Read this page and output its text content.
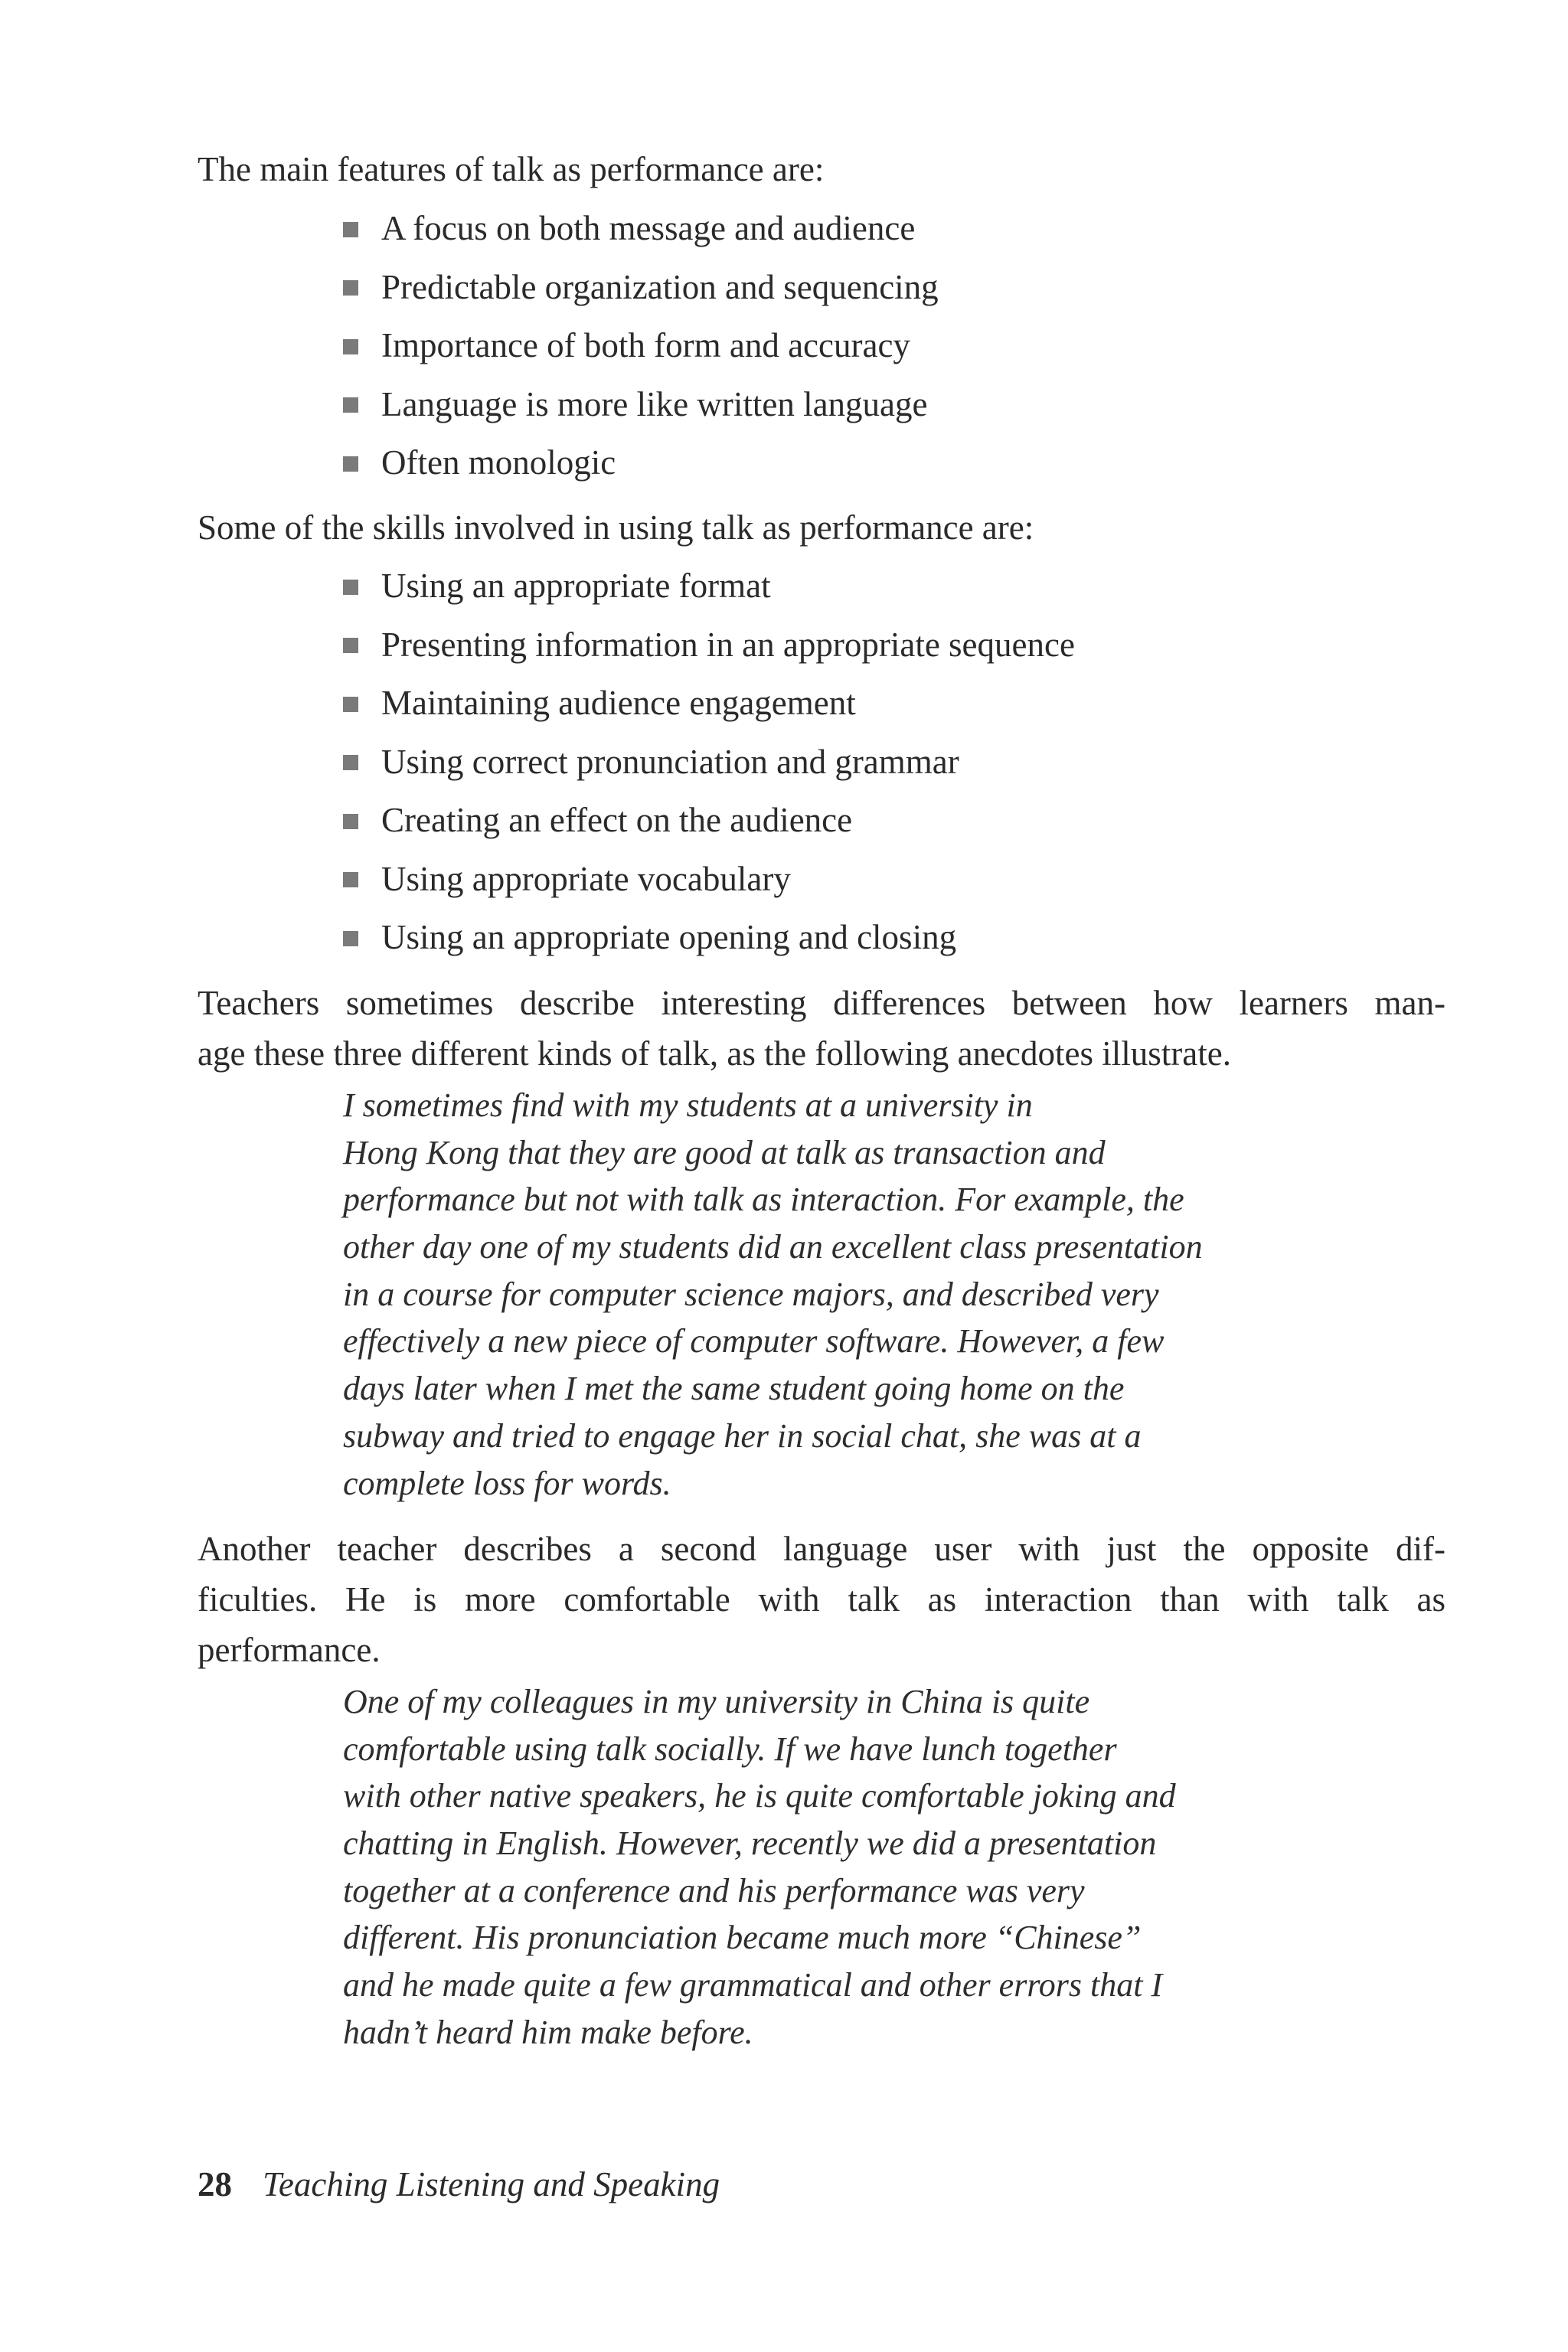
The main features of talk as performance are:

A focus on both message and audience
Predictable organization and sequencing
Importance of both form and accuracy
Language is more like written language
Often monologic

Some of the skills involved in using talk as performance are:

Using an appropriate format
Presenting information in an appropriate sequence
Maintaining audience engagement
Using correct pronunciation and grammar
Creating an effect on the audience
Using appropriate vocabulary
Using an appropriate opening and closing

Teachers sometimes describe interesting differences between how learners man-
age these three different kinds of talk, as the following anecdotes illustrate.

I sometimes find with my students at a university in
Hong Kong that they are good at talk as transaction and
performance but not with talk as interaction. For example, the
other day one of my students did an excellent class presentation
in a course for computer science majors, and described very
effectively a new piece of computer software. However, a few
days later when I met the same student going home on the
subway and tried to engage her in social chat, she was at a
complete loss for words.

Another teacher describes a second language user with just the opposite dif-
ficulties. He is more comfortable with talk as interaction than with talk as
performance.

One of my colleagues in my university in China is quite
comfortable using talk socially. If we have lunch together
with other native speakers, he is quite comfortable joking and
chatting in English. However, recently we did a presentation
together at a conference and his performance was very
different. His pronunciation became much more “Chinese”
and he made quite a few grammatical and other errors that I
hadn’t heard him make before.
28 Teaching Listening and Speaking
